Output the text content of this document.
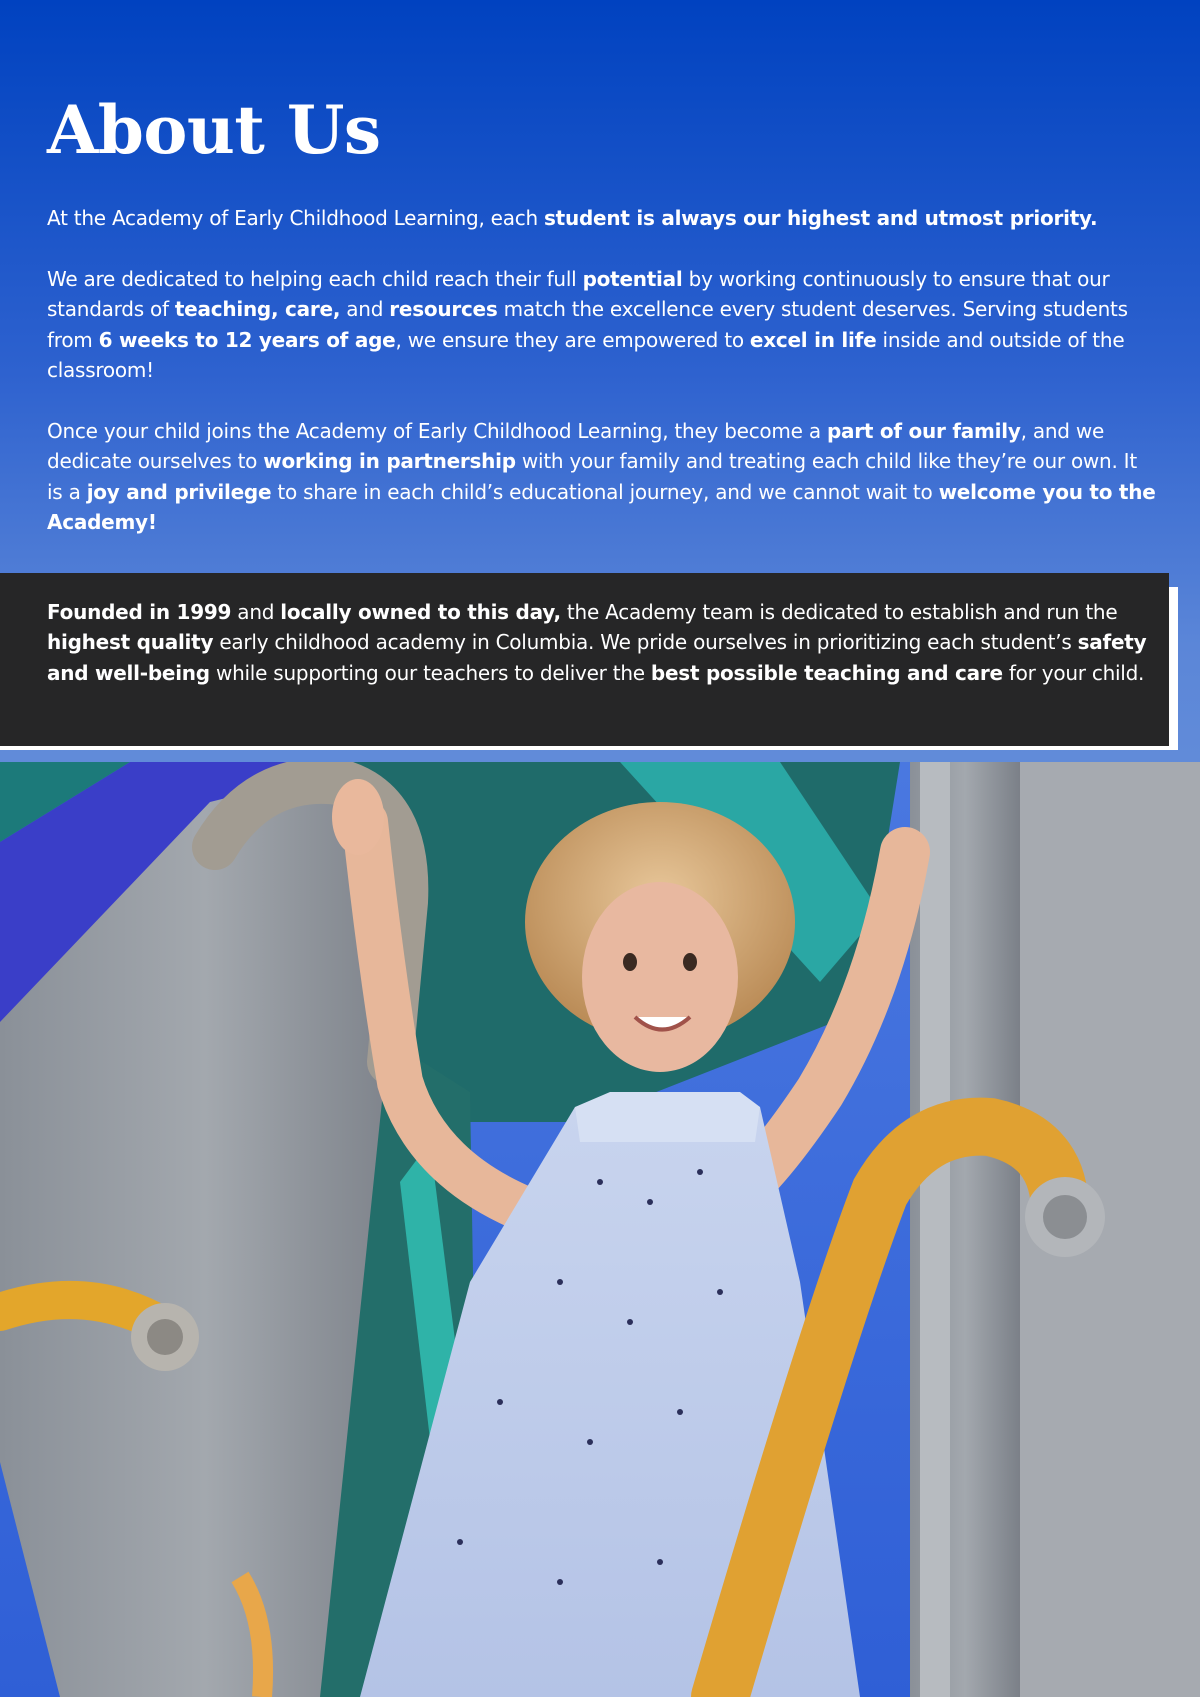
About Us

At the Academy of Early Childhood Learning, each student is always our highest and utmost priority.

We are dedicated to helping each child reach their full potential by working continuously to ensure that our standards of teaching, care, and resources match the excellence every student deserves. Serving students from 6 weeks to 12 years of age, we ensure they are empowered to excel in life inside and outside of the classroom!

Once your child joins the Academy of Early Childhood Learning, they become a part of our family, and we dedicate ourselves to working in partnership with your family and treating each child like they’re our own. It is a joy and privilege to share in each child’s educational journey, and we cannot wait to welcome you to the Academy!

Founded in 1999 and locally owned to this day, the Academy team is dedicated to establish and run the highest quality early childhood academy in Columbia. We pride ourselves in prioritizing each student’s safety and well-being while supporting our teachers to deliver the best possible teaching and care for your child.
